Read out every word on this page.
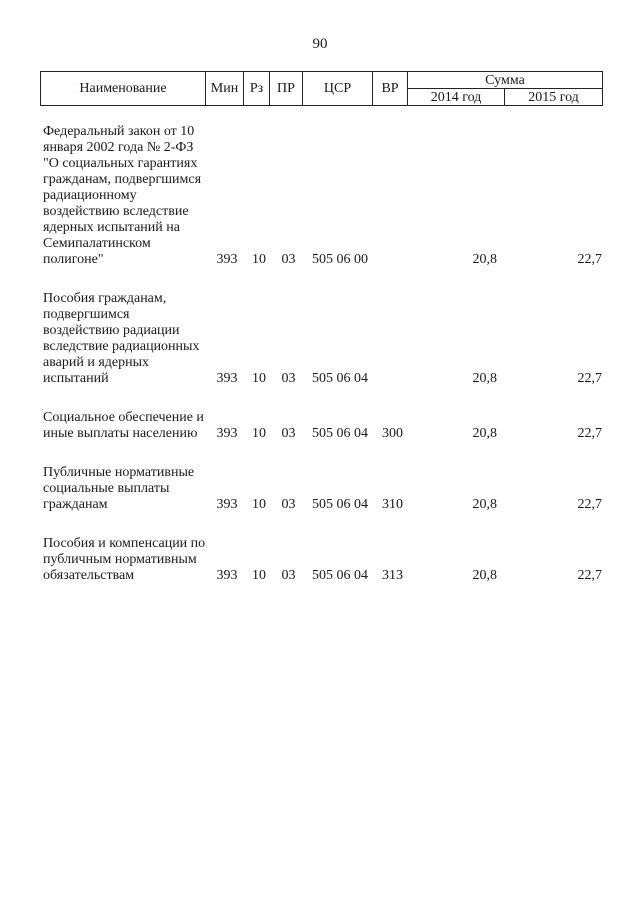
90
Наименование	Мин	Рз	ПР	ЦСР	ВР	Сумма	
						2014 год	2015 год
Федеральный закон от 10 января 2002 года № 2-ФЗ "О социальных гарантиях гражданам, подвергшимся радиационному воздействию вследствие ядерных испытаний на Семипалатинском полигоне"	393	10	03	505 06 00		20,8	22,7

Пособия гражданам, подвергшимся воздействию радиации вследствие радиационных аварий и ядерных испытаний	393	10	03	505 06 04		20,8	22,7

Социальное обеспечение и иные выплаты населению	393	10	03	505 06 04	300	20,8	22,7

Публичные нормативные социальные выплаты гражданам	393	10	03	505 06 04	310	20,8	22,7

Пособия и компенсации по публичным нормативным обязательствам	393	10	03	505 06 04	313	20,8	22,7
